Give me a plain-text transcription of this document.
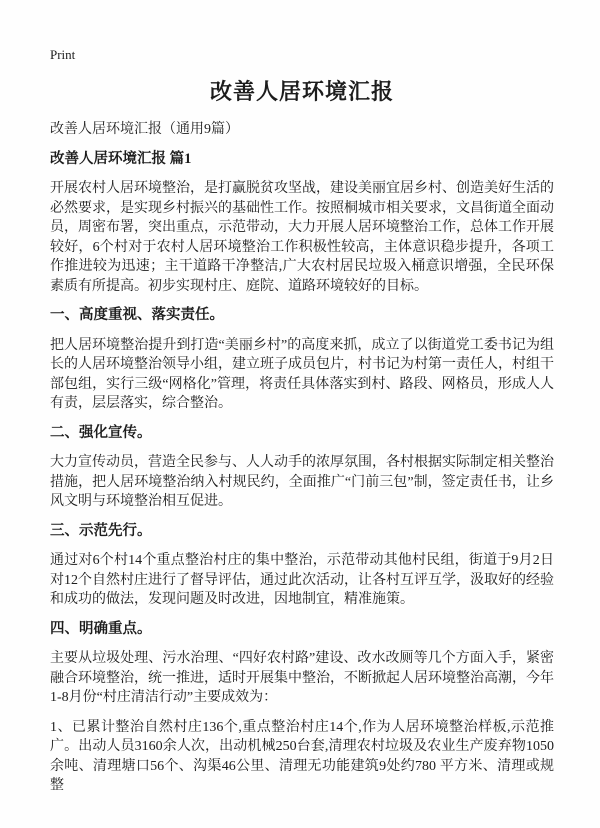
Print
改善人居环境汇报
改善人居环境汇报（通用9篇）
改善人居环境汇报 篇1

开展农村人居环境整治，是打赢脱贫攻坚战，建设美丽宜居乡村、创造美好生活的必然要求，是实现乡村振兴的基础性工作。按照桐城市相关要求，文昌街道全面动员，周密布署，突出重点，示范带动，大力开展人居环境整治工作，总体工作开展较好，6个村对于农村人居环境整治工作积极性较高，主体意识稳步提升，各项工作推进较为迅速；主干道路干净整洁,广大农村居民垃圾入桶意识增强，全民环保素质有所提高。初步实现村庄、庭院、道路环境较好的目标。

一、高度重视、落实责任。

把人居环境整治提升到打造“美丽乡村”的高度来抓，成立了以街道党工委书记为组长的人居环境整治领导小组，建立班子成员包片，村书记为村第一责任人，村组干部包组，实行三级“网格化”管理，将责任具体落实到村、路段、网格员，形成人人有责，层层落实，综合整治。

二、强化宣传。

大力宣传动员，营造全民参与、人人动手的浓厚氛围，各村根据实际制定相关整治措施，把人居环境整治纳入村规民约，全面推广“门前三包”制，签定责任书，让乡风文明与环境整治相互促进。

三、示范先行。

通过对6个村14个重点整治村庄的集中整治，示范带动其他村民组，街道于9月2日对12个自然村庄进行了督导评估，通过此次活动，让各村互评互学，汲取好的经验和成功的做法，发现问题及时改进，因地制宜，精准施策。

四、明确重点。

主要从垃圾处理、污水治理、“四好农村路”建设、改水改厕等几个方面入手，紧密融合环境整治，统一推进，适时开展集中整治，不断掀起人居环境整治高潮，今年1-8月份“村庄清洁行动”主要成效为：

1、已累计整治自然村庄136个,重点整治村庄14个,作为人居环境整治样板,示范推广。出动人员3160余人次，出动机械250台套,清理农村垃圾及农业生产废弃物1050余吨、清理塘口56个、沟渠46公里、清理无功能建筑9处约780 平方米、清理或规整
